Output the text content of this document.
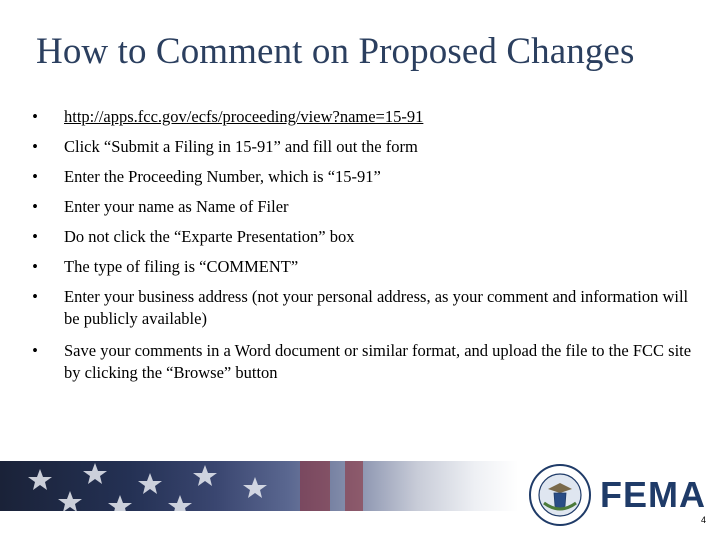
How to Comment on Proposed Changes
• http://apps.fcc.gov/ecfs/proceeding/view?name=15-91
• Click “Submit a Filing in 15-91” and fill out the form
• Enter the Proceeding Number, which is “15-91”
• Enter your name as Name of Filer
• Do not click the “Exparte Presentation” box
• The type of filing is “COMMENT”
• Enter your business address (not your personal address, as your comment and information will be publicly available)
• Save your comments in a Word document or similar format, and upload the file to the FCC site by clicking the “Browse” button
FEMA
4
